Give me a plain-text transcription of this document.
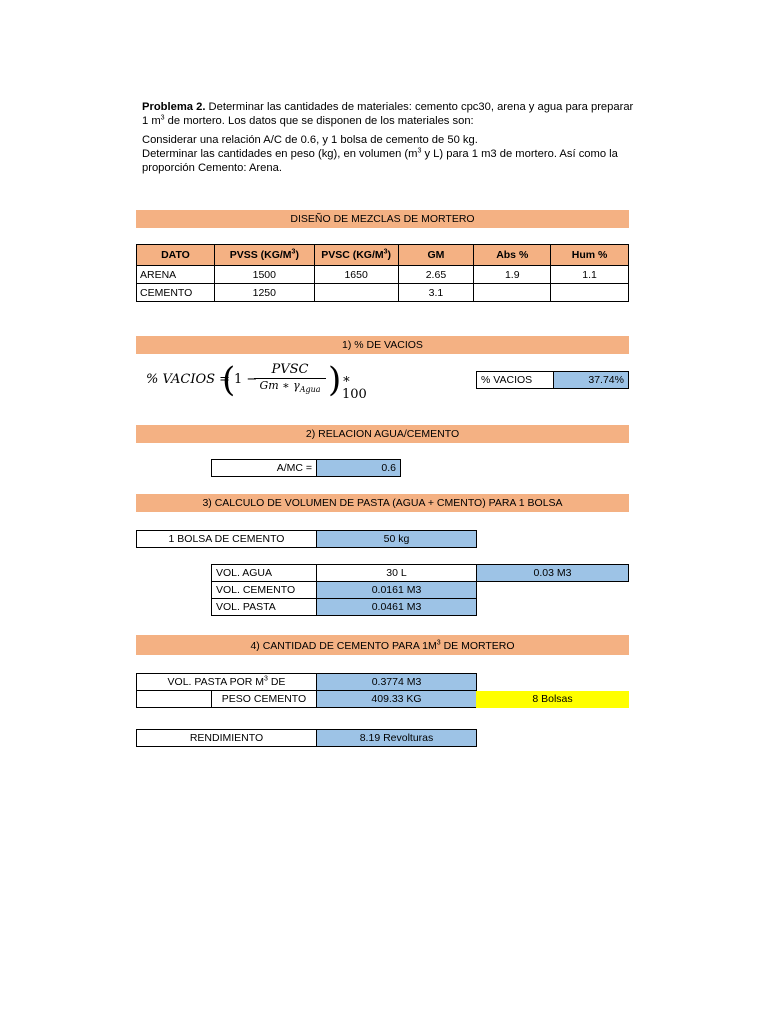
Problema 2. Determinar las cantidades de materiales: cemento cpc30, arena y agua para preparar
1 $m^3$ de mortero. Los datos que se disponen de los materiales son:

Considerar una relación A/C de 0.6, y 1 bolsa de cemento de 50 kg.
Determinar las cantidades en peso (kg), en volumen ($m^3$ y L) para 1 m3 de mortero. Así como la
proporción Cemento: Arena.

DISEÑO DE MEZCLAS DE MORTERO
DATO	PVSS $(KG/M^3)$	PVSC $(KG/M^3)$	GM	Abs %	Hum %
ARENA	1500	1650	2.65	1.9	1.1
CEMENTO	1250		3.1		
1) % DE VACIOS
% VACIOS =
(
1 −
PVSC
Gm ∗ $\gamma_{Agua}$ ) ∗ 100
% VACIOS	37.74%
2) RELACION AGUA/CEMENTO
A/MC =	0.6
3) CALCULO DE VOLUMEN DE PASTA (AGUA + CMENTO) PARA 1 BOLSA
1 BOLSA DE CEMENTO	50 kg
VOL. AGUA	30 L	0.03 M3
VOL. CEMENTO	0.0161 M3
VOL. PASTA	0.0461 M3
4) CANTIDAD DE CEMENTO PARA $1M^3$ DE MORTERO
VOL. PASTA POR $M^3$ DE	0.3774 M3
PESO CEMENTO	409.33 KG	8 Bolsas
RENDIMIENTO	8.19 Revolturas
